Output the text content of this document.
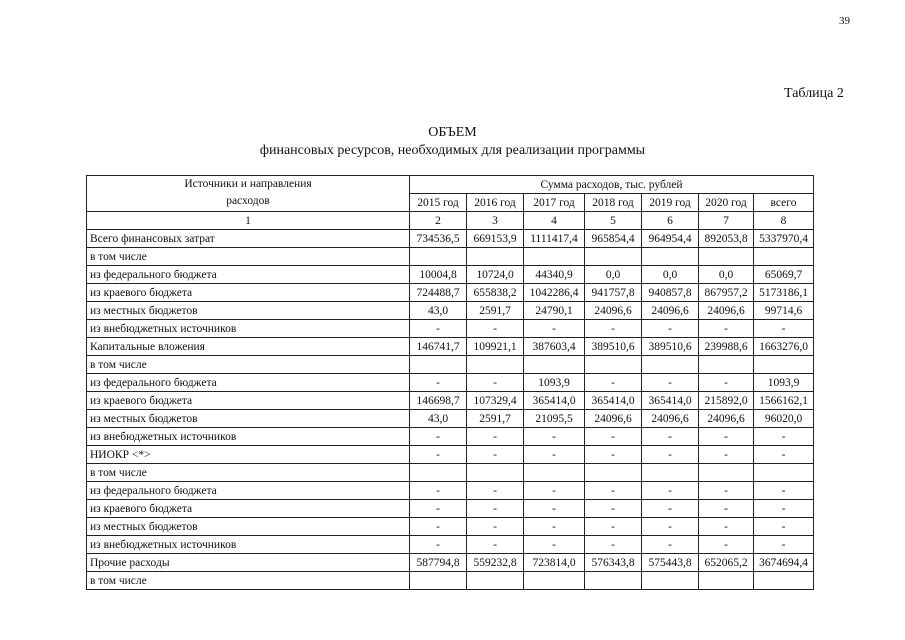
39
Таблица 2
ОБЪЕМ
финансовых ресурсов, необходимых для реализации программы
Источники и направления
расходов	Сумма расходов, тыс. рублей						
	2015 год	2016 год	2017 год	2018 год	2019 год	2020 год	всего
1	2	3	4	5	6	7	8
Всего финансовых затрат	734536,5	669153,9	1111417,4	965854,4	964954,4	892053,8	5337970,4
в том числе							
из федерального бюджета	10004,8	10724,0	44340,9	0,0	0,0	0,0	65069,7
из краевого бюджета	724488,7	655838,2	1042286,4	941757,8	940857,8	867957,2	5173186,1
из местных бюджетов	43,0	2591,7	24790,1	24096,6	24096,6	24096,6	99714,6
из внебюджетных источников	-	-	-	-	-	-	-
Капитальные вложения	146741,7	109921,1	387603,4	389510,6	389510,6	239988,6	1663276,0
в том числе							
из федерального бюджета	-	-	1093,9	-	-	-	1093,9
из краевого бюджета	146698,7	107329,4	365414,0	365414,0	365414,0	215892,0	1566162,1
из местных бюджетов	43,0	2591,7	21095,5	24096,6	24096,6	24096,6	96020,0
из внебюджетных источников	-	-	-	-	-	-	-
НИОКР <*>	-	-	-	-	-	-	-
в том числе							
из федерального бюджета	-	-	-	-	-	-	-
из краевого бюджета	-	-	-	-	-	-	-
из местных бюджетов	-	-	-	-	-	-	-
из внебюджетных источников	-	-	-	-	-	-	-
Прочие расходы	587794,8	559232,8	723814,0	576343,8	575443,8	652065,2	3674694,4
в том числе							
